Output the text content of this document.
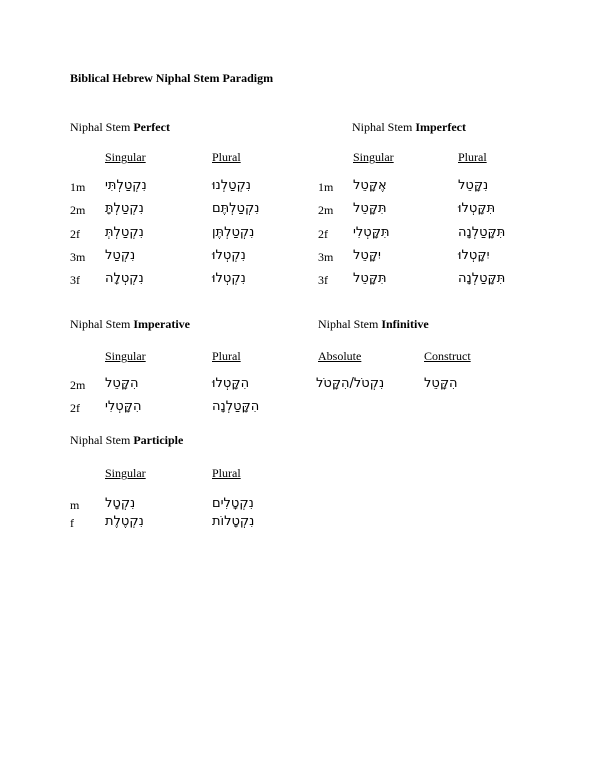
Biblical Hebrew Niphal Stem Paradigm
Niphal Stem Perfect
Singular	Plural
1m נִקְטַלְתִּי	נִקְטַלְנוּ
2m נִקְטַלְתָּ	נִקְטַלְתֶּם
2f נִקְטַלְתְּ	נִקְטַלְתֶּן
3m נִקְטַל	נִקְטְלוּ
3f נִקְטְלָה	נִקְטְלוּ
Niphal Stem Imperfect
Singular	Plural
1m אֶקָּטֵל	נִקָּטֵל
2m תִּקָּטֵל	תִּקָּטְלוּ
2f תִּקָּטְלִי	תִּקָּטַלְנָה
3m יִקָּטֵל	יִקָּטְלוּ
3f תִּקָּטֵל	תִּקָּטַלְנָה
Niphal Stem Imperative
Singular	Plural
2m הִקָּטֵל	הִקָּטְלוּ
2f הִקָּטְלִי	הִקָּטַלְנָה
Niphal Stem Infinitive
Absolute	Construct
נִקְטֹל/הִקָּטֹל	הִקָּטֵל
Niphal Stem Participle
Singular	Plural
m נִקְטָל	נִקְטָלִים
f נִקְטֶלֶת	נִקְטָלוֹת
